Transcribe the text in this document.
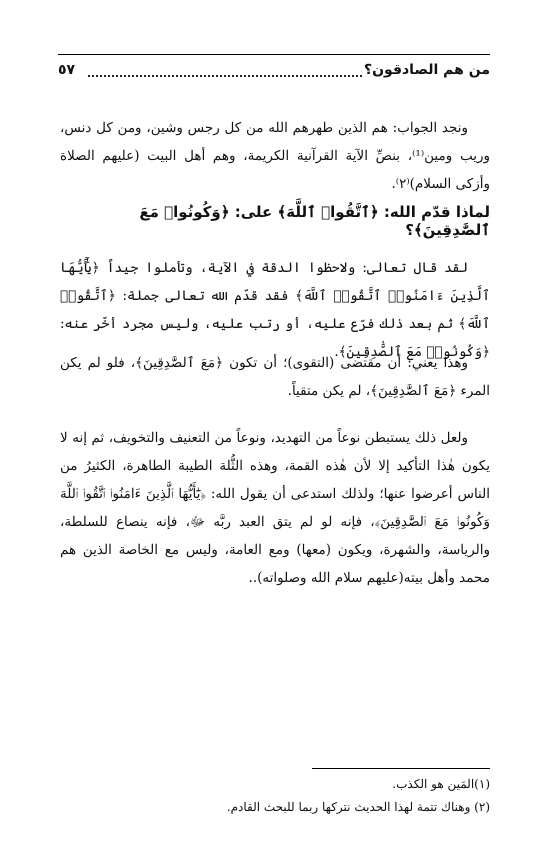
من هم الصادقون؟
٥٧

ونجد الجواب: هم الذين طهرهم الله من كل رجس وشين، ومن كل دنس، وريب ومين⁽¹⁾، بنصِّ الآية القرآنية الكريمة، وهم أهل البيت (عليهم الصلاة وأزكى السلام)⁽٢⁾.

لماذا قدّم الله: ﴿ٱتَّقُوا۟ ٱللَّهَ﴾ على: ﴿وَكُونُوا۟ مَعَ ٱلصَّٰدِقِينَ﴾؟

لقد قال تعالى: ولاحظوا الدقة في الآية، وتأملوا جيداً ﴿يَٰٓأَيُّهَا ٱلَّذِينَ ءَامَنُوا۟ ٱتَّقُوا۟ ٱللَّهَ﴾ فقد قدّم الله تعالى جملة: ﴿ٱتَّقُوا۟ ٱللَّهَ﴾ ثم بعد ذلك فرّع عليه، أو رتب عليه، وليس مجرد أخّر عنه: ﴿وَكُونُوا۟ مَعَ ٱلصَّٰدِقِينَ﴾.

وهذا يعني: أن مقتضى (التقوى)؛ أن تكون ﴿مَعَ ٱلصَّٰدِقِينَ﴾، فلو لم يكن المرء ﴿مَعَ ٱلصَّٰدِقِينَ﴾، لم يكن متقياً.

ولعل ذلك يستبطن نوعاً من التهديد، ونوعاً من التعنيف والتخويف، ثم إنه لا يكون هٰذا التأكيد إلا لأن هٰذه القمة، وهذه الثُّلة الطيبة الطاهرة، الكثيرُ من الناس أعرضوا عنها؛ ولذلك استدعى أن يقول الله: ﴿يَٰٓأَيُّهَا ٱلَّذِينَ ءَامَنُوا۟ ٱتَّقُوا۟ ٱللَّهَ وَكُونُوا۟ مَعَ ٱلصَّٰدِقِينَ﴾، فإنه لو لم يتق العبد ربَّه ﷻ، فإنه ينصاع للسلطة، والرياسة، والشهرة، ويكون (معها) ومع العامة، وليس مع الخاصة الذين هم محمد وأهل بيته(عليهم سلام الله وصلواته)..

(١)المَين هو الكذب.
(٢) وهناك تتمة لهذا الحديث نتركها ربما للبحث القادم.
